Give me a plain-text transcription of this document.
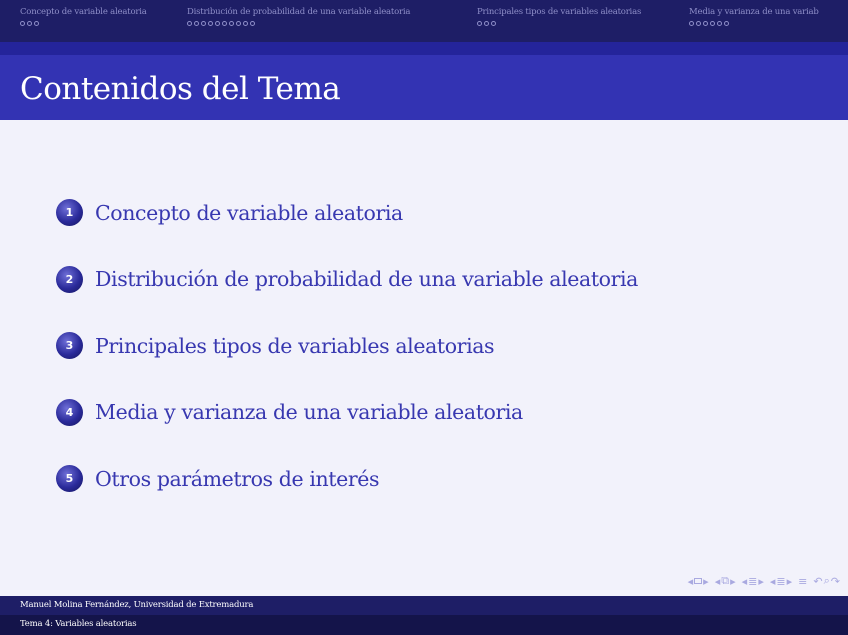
Concepto de variable aleatoria	Distribución de probabilidad de una variable aleatoria	Principales tipos de variables aleatorias	Media y varianza de una variab
Contenidos del Tema
1	Concepto de variable aleatoria
2	Distribución de probabilidad de una variable aleatoria
3	Principales tipos de variables aleatorias
4	Media y varianza de una variable aleatoria
5	Otros parámetros de interés
◂ ▸ ◂ ⧉ ▸ ◂ ≣ ▸ ◂ ≣ ▸ ≡ ↶ ⌕ ↷
Manuel Molina Fernández, Universidad de Extremadura
Tema 4: Variables aleatorias
